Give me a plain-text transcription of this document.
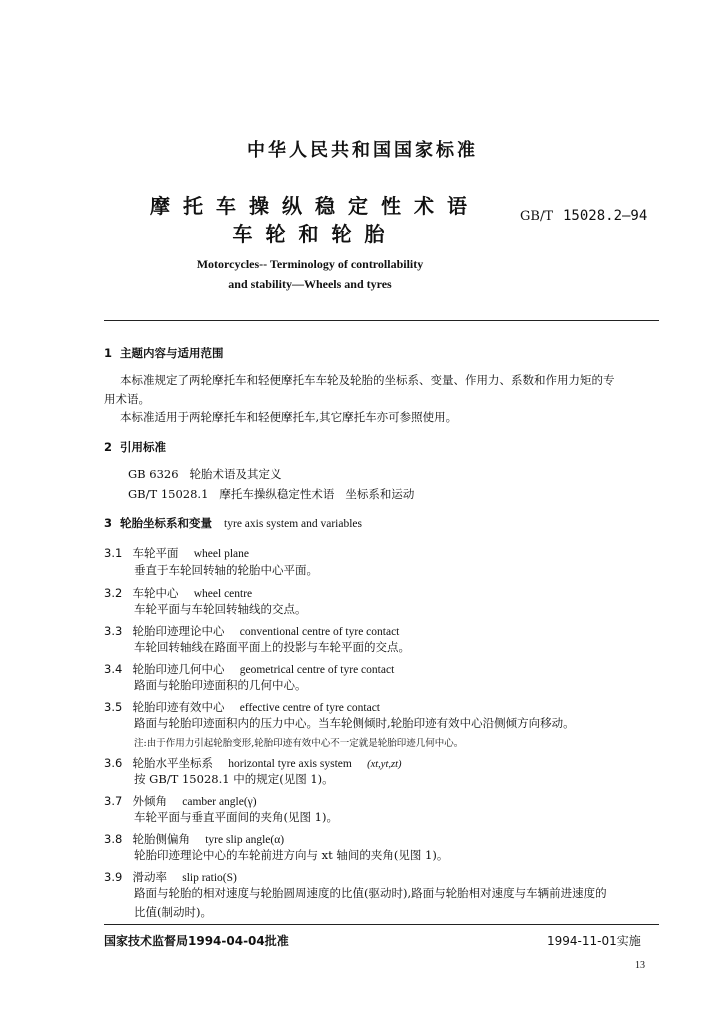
中华人民共和国国家标准
摩托车操纵稳定性术语
车轮和轮胎
GB/T 15028.2—94
Motorcycles-- Terminology of controllability
and stability—Wheels and tyres
1 主题内容与适用范围
本标准规定了两轮摩托车和轻便摩托车车轮及轮胎的坐标系、变量、作用力、系数和作用力矩的专
用术语。
本标准适用于两轮摩托车和轻便摩托车,其它摩托车亦可参照使用。
2 引用标准
GB 6326   轮胎术语及其定义
GB/T 15028.1   摩托车操纵稳定性术语   坐标系和运动
3 轮胎坐标系和变量 tyre axis system and variables
3.1 车轮平面 wheel plane
垂直于车轮回转轴的轮胎中心平面。
3.2 车轮中心 wheel centre
车轮平面与车轮回转轴线的交点。
3.3 轮胎印迹理论中心 conventional centre of tyre contact
车轮回转轴线在路面平面上的投影与车轮平面的交点。
3.4 轮胎印迹几何中心 geometrical centre of tyre contact
路面与轮胎印迹面积的几何中心。
3.5 轮胎印迹有效中心 effective centre of tyre contact
路面与轮胎印迹面积内的压力中心。当车轮侧倾时,轮胎印迹有效中心沿侧倾方向移动。
注:由于作用力引起轮胎变形,轮胎印迹有效中心不一定就是轮胎印迹几何中心。
3.6 轮胎水平坐标系 horizontal tyre axis system (xt,yt,zt)
按 GB/T 15028.1 中的规定(见图 1)。
3.7 外倾角 camber angle(γ)
车轮平面与垂直平面间的夹角(见图 1)。
3.8 轮胎侧偏角 tyre slip angle(α)
轮胎印迹理论中心的车轮前进方向与 xt 轴间的夹角(见图 1)。
3.9 滑动率 slip ratio(S)
路面与轮胎的相对速度与轮胎圆周速度的比值(驱动时),路面与轮胎相对速度与车辆前进速度的
比值(制动时)。
国家技术监督局1994-04-04批准	1994-11-01实施
13
